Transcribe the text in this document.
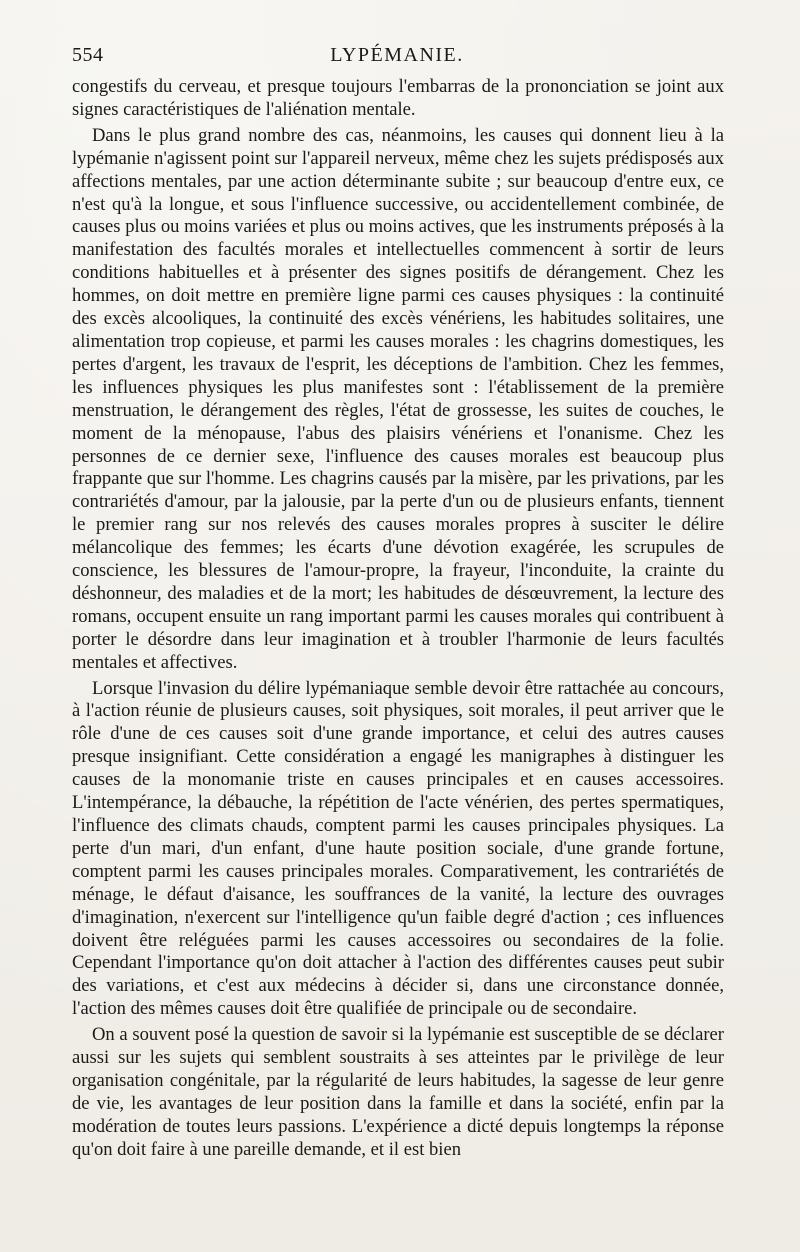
554	LYPÉMANIE.

congestifs du cerveau, et presque toujours l'embarras de la prononciation se joint aux signes caractéristiques de l'aliénation mentale.

Dans le plus grand nombre des cas, néanmoins, les causes qui donnent lieu à la lypémanie n'agissent point sur l'appareil nerveux, même chez les sujets prédisposés aux affections mentales, par une action déterminante subite ; sur beaucoup d'entre eux, ce n'est qu'à la longue, et sous l'influence successive, ou accidentellement combinée, de causes plus ou moins variées et plus ou moins actives, que les instruments préposés à la manifestation des facultés morales et intellectuelles commencent à sortir de leurs conditions habituelles et à présenter des signes positifs de dérangement. Chez les hommes, on doit mettre en première ligne parmi ces causes physiques : la continuité des excès alcooliques, la continuité des excès vénériens, les habitudes solitaires, une alimentation trop copieuse, et parmi les causes morales : les chagrins domestiques, les pertes d'argent, les travaux de l'esprit, les déceptions de l'ambition. Chez les femmes, les influences physiques les plus manifestes sont : l'établissement de la première menstruation, le dérangement des règles, l'état de grossesse, les suites de couches, le moment de la ménopause, l'abus des plaisirs vénériens et l'onanisme. Chez les personnes de ce dernier sexe, l'influence des causes morales est beaucoup plus frappante que sur l'homme. Les chagrins causés par la misère, par les privations, par les contrariétés d'amour, par la jalousie, par la perte d'un ou de plusieurs enfants, tiennent le premier rang sur nos relevés des causes morales propres à susciter le délire mélancolique des femmes; les écarts d'une dévotion exagérée, les scrupules de conscience, les blessures de l'amour-propre, la frayeur, l'inconduite, la crainte du déshonneur, des maladies et de la mort; les habitudes de désœuvrement, la lecture des romans, occupent ensuite un rang important parmi les causes morales qui contribuent à porter le désordre dans leur imagination et à troubler l'harmonie de leurs facultés mentales et affectives.

Lorsque l'invasion du délire lypémaniaque semble devoir être rattachée au concours, à l'action réunie de plusieurs causes, soit physiques, soit morales, il peut arriver que le rôle d'une de ces causes soit d'une grande importance, et celui des autres causes presque insignifiant. Cette considération a engagé les manigraphes à distinguer les causes de la monomanie triste en causes principales et en causes accessoires. L'intempérance, la débauche, la répétition de l'acte vénérien, des pertes spermatiques, l'influence des climats chauds, comptent parmi les causes principales physiques. La perte d'un mari, d'un enfant, d'une haute position sociale, d'une grande fortune, comptent parmi les causes principales morales. Comparativement, les contrariétés de ménage, le défaut d'aisance, les souffrances de la vanité, la lecture des ouvrages d'imagination, n'exercent sur l'intelligence qu'un faible degré d'action ; ces influences doivent être reléguées parmi les causes accessoires ou secondaires de la folie. Cependant l'importance qu'on doit attacher à l'action des différentes causes peut subir des variations, et c'est aux médecins à décider si, dans une circonstance donnée, l'action des mêmes causes doit être qualifiée de principale ou de secondaire.

On a souvent posé la question de savoir si la lypémanie est susceptible de se déclarer aussi sur les sujets qui semblent soustraits à ses atteintes par le privilège de leur organisation congénitale, par la régularité de leurs habitudes, la sagesse de leur genre de vie, les avantages de leur position dans la famille et dans la société, enfin par la modération de toutes leurs passions. L'expérience a dicté depuis longtemps la réponse qu'on doit faire à une pareille demande, et il est bien
